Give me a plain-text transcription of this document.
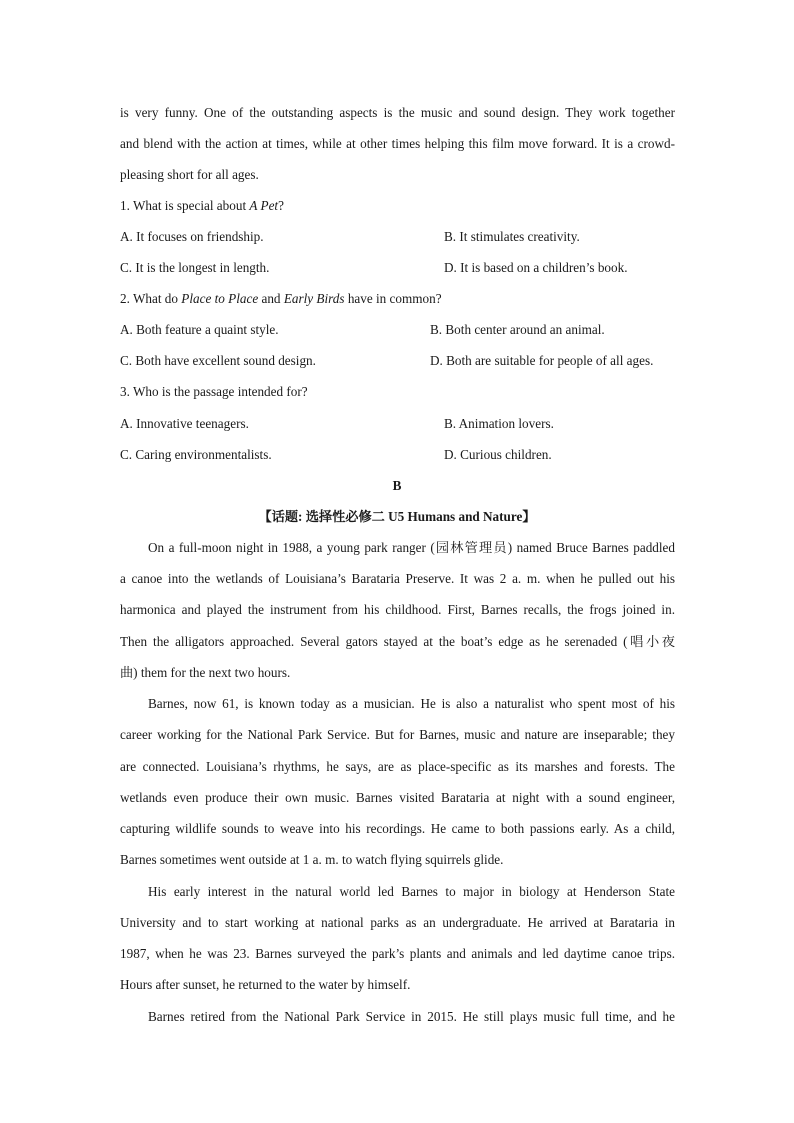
is very funny. One of the outstanding aspects is the music and sound design. They work together
and blend with the action at times, while at other times helping this film move forward. It is a crowd-
pleasing short for all ages.
1. What is special about A Pet?
A. It focuses on friendship.	B. It stimulates creativity.
C. It is the longest in length.	D. It is based on a children’s book.
2. What do Place to Place and Early Birds have in common?
A. Both feature a quaint style.	B. Both center around an animal.
C. Both have excellent sound design.	D. Both are suitable for people of all ages.
3. Who is the passage intended for?
A. Innovative teenagers.	B. Animation lovers.
C. Caring environmentalists.	D. Curious children.
B
【话题: 选择性必修二 U5 Humans and Nature】
On a full-moon night in 1988, a young park ranger (园林管理员) named Bruce Barnes paddled
a canoe into the wetlands of Louisiana’s Barataria Preserve. It was 2 a. m. when he pulled out his
harmonica and played the instrument from his childhood. First, Barnes recalls, the frogs joined in.
Then the alligators approached. Several gators stayed at the boat’s edge as he serenaded (唱小夜
曲) them for the next two hours.
Barnes, now 61, is known today as a musician. He is also a naturalist who spent most of his
career working for the National Park Service. But for Barnes, music and nature are inseparable; they
are connected. Louisiana’s rhythms, he says, are as place-specific as its marshes and forests. The
wetlands even produce their own music. Barnes visited Barataria at night with a sound engineer,
capturing wildlife sounds to weave into his recordings. He came to both passions early. As a child,
Barnes sometimes went outside at 1 a. m. to watch flying squirrels glide.
His early interest in the natural world led Barnes to major in biology at Henderson State
University and to start working at national parks as an undergraduate. He arrived at Barataria in
1987, when he was 23. Barnes surveyed the park’s plants and animals and led daytime canoe trips.
Hours after sunset, he returned to the water by himself.
Barnes retired from the National Park Service in 2015. He still plays music full time, and he
